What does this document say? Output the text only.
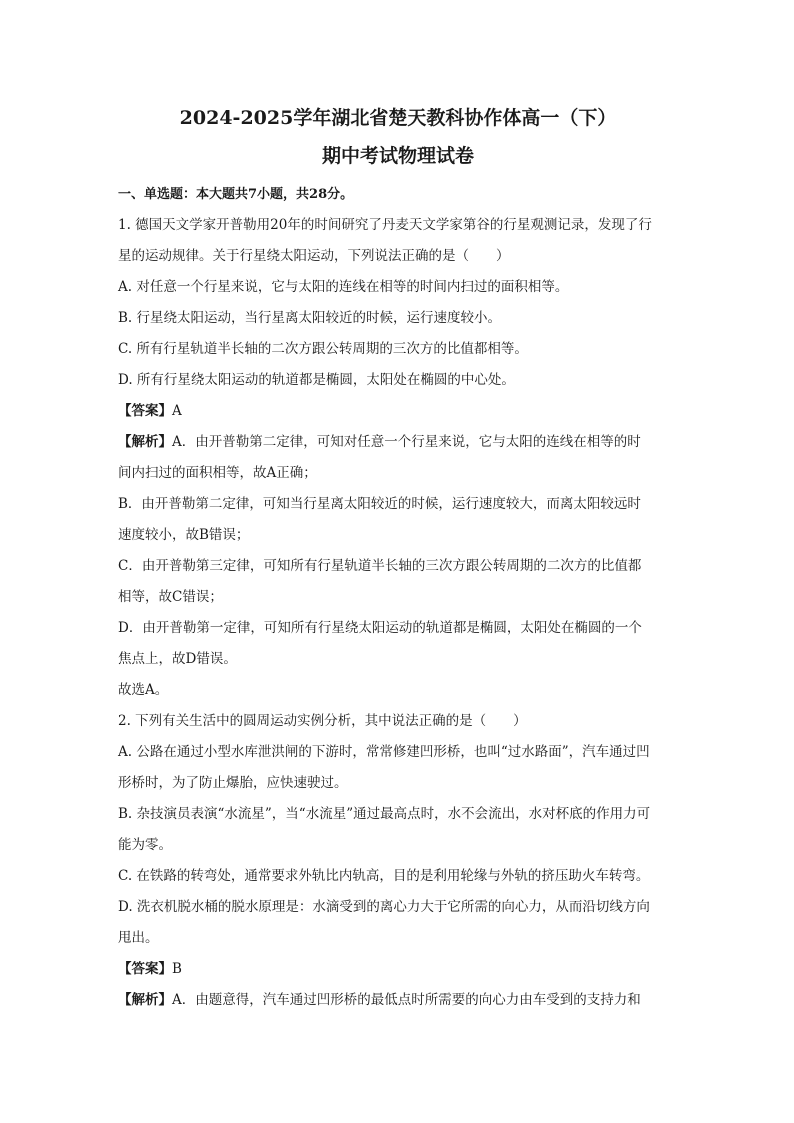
2024-2025学年湖北省楚天教科协作体高一（下）
期中考试物理试卷

一、单选题：本大题共7小题，共28分。

1. 德国天文学家开普勒用20年的时间研究了丹麦天文学家第谷的行星观测记录，发现了行

星的运动规律。关于行星绕太阳运动，下列说法正确的是（　　）

A. 对任意一个行星来说，它与太阳的连线在相等的时间内扫过的面积相等。

B. 行星绕太阳运动，当行星离太阳较近的时候，运行速度较小。

C. 所有行星轨道半长轴的二次方跟公转周期的三次方的比值都相等。

D. 所有行星绕太阳运动的轨道都是椭圆，太阳处在椭圆的中心处。

【答案】A

【解析】A．由开普勒第二定律，可知对任意一个行星来说，它与太阳的连线在相等的时

间内扫过的面积相等，故A正确；

B．由开普勒第二定律，可知当行星离太阳较近的时候，运行速度较大，而离太阳较远时

速度较小，故B错误；

C．由开普勒第三定律，可知所有行星轨道半长轴的三次方跟公转周期的二次方的比值都

相等，故C错误；

D．由开普勒第一定律，可知所有行星绕太阳运动的轨道都是椭圆，太阳处在椭圆的一个

焦点上，故D错误。

故选A。

2. 下列有关生活中的圆周运动实例分析，其中说法正确的是（　　）

A. 公路在通过小型水库泄洪闸的下游时，常常修建凹形桥，也叫“过水路面”，汽车通过凹

形桥时，为了防止爆胎，应快速驶过。

B. 杂技演员表演“水流星”，当“水流星”通过最高点时，水不会流出，水对杯底的作用力可

能为零。

C. 在铁路的转弯处，通常要求外轨比内轨高，目的是利用轮缘与外轨的挤压助火车转弯。

D. 洗衣机脱水桶的脱水原理是：水滴受到的离心力大于它所需的向心力，从而沿切线方向

甩出。

【答案】B

【解析】A．由题意得，汽车通过凹形桥的最低点时所需要的向心力由车受到的支持力和
